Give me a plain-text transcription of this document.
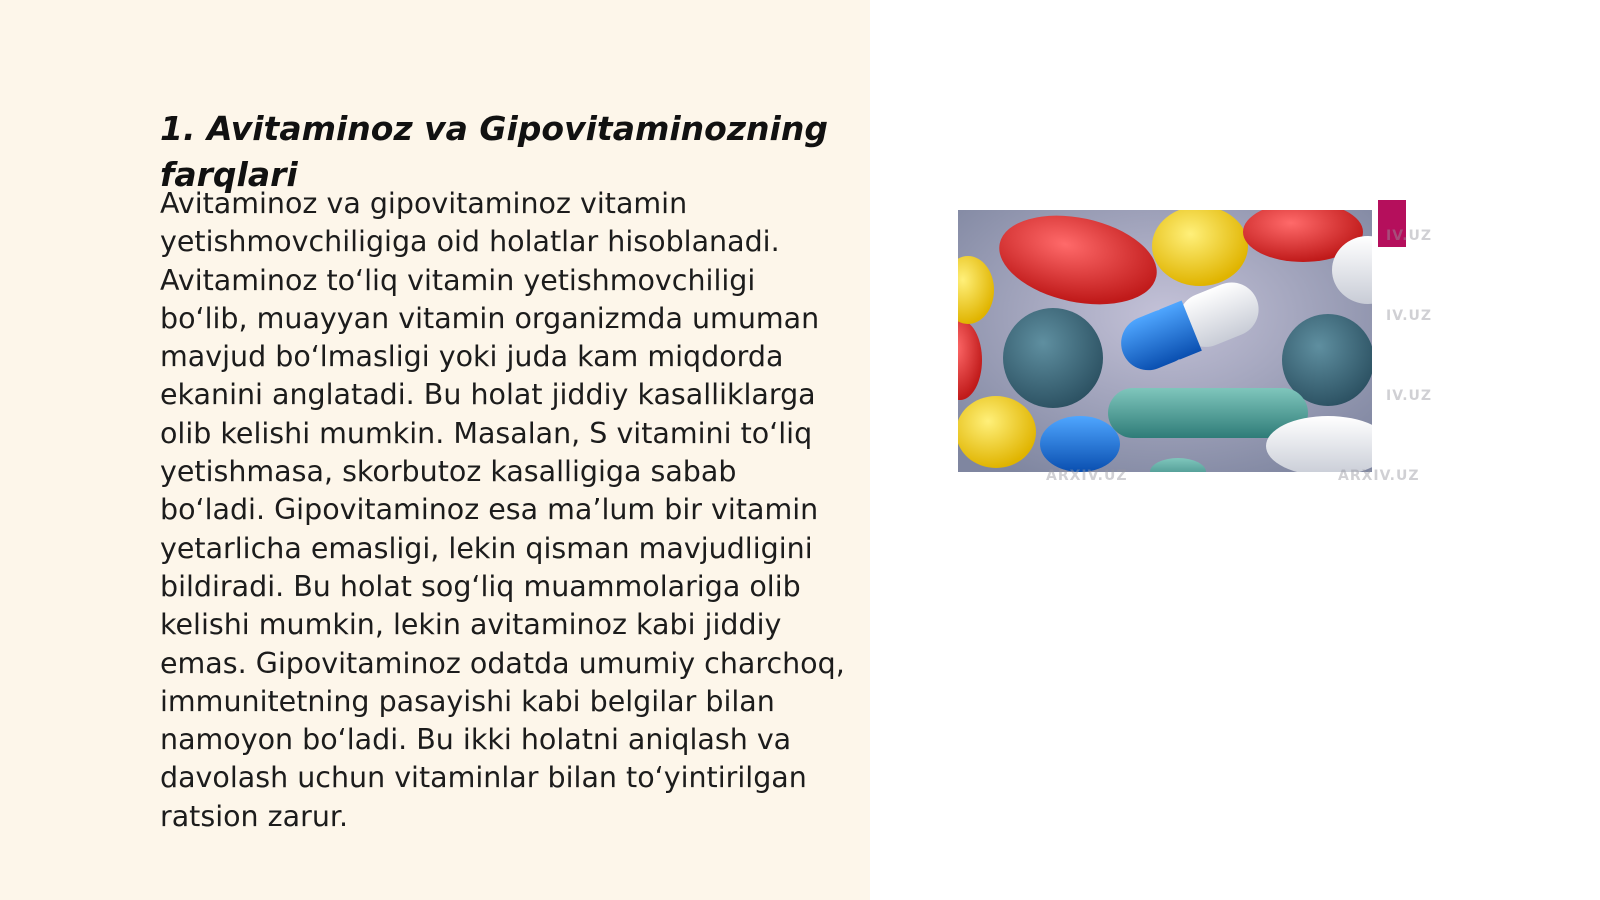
1. Avitaminoz va Gipovitaminozning farqlari

Avitaminoz va gipovitaminoz vitamin yetishmovchiligiga oid holatlar hisoblanadi. Avitaminoz to‘liq vitamin yetishmovchiligi bo‘lib, muayyan vitamin organizmda umuman mavjud bo‘lmasligi yoki juda kam miqdorda ekanini anglatadi. Bu holat jiddiy kasalliklarga olib kelishi mumkin. Masalan, S vitamini to‘liq yetishmasa, skorbutoz kasalligiga sabab bo‘ladi. Gipovitaminoz esa ma’lum bir vitamin yetarlicha emasligi, lekin qisman mavjudligini bildiradi. Bu holat sog‘liq muammolariga olib kelishi mumkin, lekin avitaminoz kabi jiddiy emas. Gipovitaminoz odatda umumiy charchoq, immunitetning pasayishi kabi belgilar bilan namoyon bo‘ladi. Bu ikki holatni aniqlash va davolash uchun vitaminlar bilan to‘yintirilgan ratsion zarur.

IV.UZ
IV.UZ
IV.UZ
ARXIV.UZ	ARXIV.UZ
